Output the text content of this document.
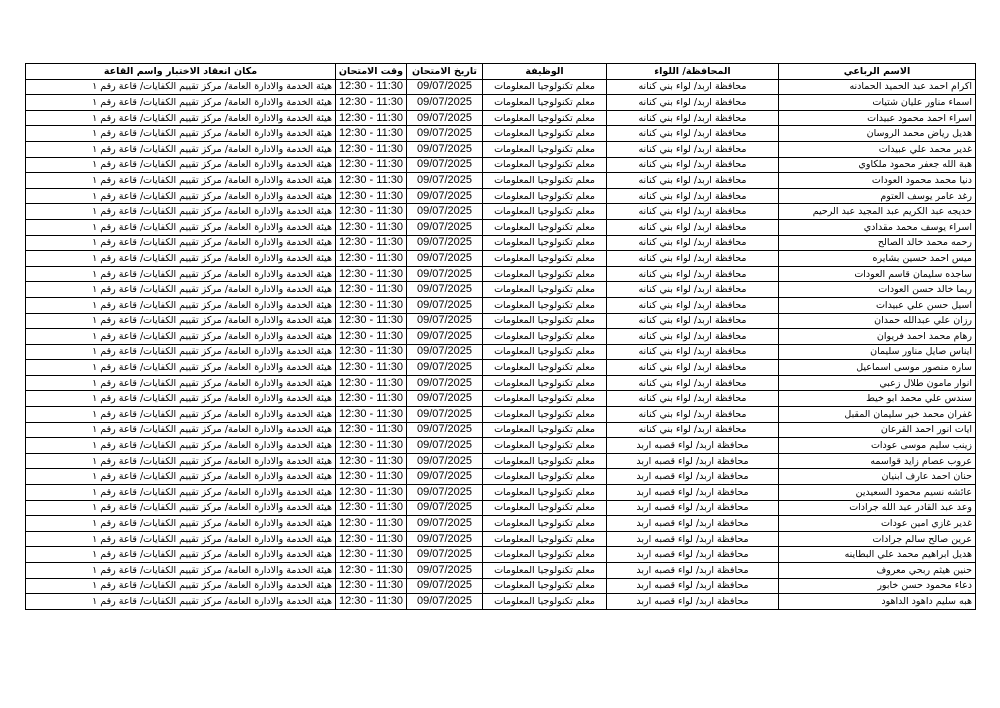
الاسم الرباعي	المحافظة/ اللواء	الوظيفة	تاريخ الامتحان	وقت الامتحان	مكان انعقاد الاختبار واسم القاعة
اكرام احمد عبد الحميد الحمادنه	محافظة اربد/ لواء بني كنانه	معلم تكنولوجيا المعلومات	09/07/2025	11:30 - 12:30	هيئة الخدمة والادارة العامة/ مركز تقييم الكفايات/ قاعة رقم ١
اسماء مناور عليان شتيات	محافظة اربد/ لواء بني كنانه	معلم تكنولوجيا المعلومات	09/07/2025	11:30 - 12:30	هيئة الخدمة والادارة العامة/ مركز تقييم الكفايات/ قاعة رقم ١
اسراء احمد محمود عبيدات	محافظة اربد/ لواء بني كنانه	معلم تكنولوجيا المعلومات	09/07/2025	11:30 - 12:30	هيئة الخدمة والادارة العامة/ مركز تقييم الكفايات/ قاعة رقم ١
هديل رياض محمد الروسان	محافظة اربد/ لواء بني كنانه	معلم تكنولوجيا المعلومات	09/07/2025	11:30 - 12:30	هيئة الخدمة والادارة العامة/ مركز تقييم الكفايات/ قاعة رقم ١
غدير محمد علي عبيدات	محافظة اربد/ لواء بني كنانه	معلم تكنولوجيا المعلومات	09/07/2025	11:30 - 12:30	هيئة الخدمة والادارة العامة/ مركز تقييم الكفايات/ قاعة رقم ١
هبة الله جعفر محمود ملكاوي	محافظة اربد/ لواء بني كنانه	معلم تكنولوجيا المعلومات	09/07/2025	11:30 - 12:30	هيئة الخدمة والادارة العامة/ مركز تقييم الكفايات/ قاعة رقم ١
دنيا محمد محمود العودات	محافظة اربد/ لواء بني كنانه	معلم تكنولوجيا المعلومات	09/07/2025	11:30 - 12:30	هيئة الخدمة والادارة العامة/ مركز تقييم الكفايات/ قاعة رقم ١
رغد عامر يوسف العتوم	محافظة اربد/ لواء بني كنانه	معلم تكنولوجيا المعلومات	09/07/2025	11:30 - 12:30	هيئة الخدمة والادارة العامة/ مركز تقييم الكفايات/ قاعة رقم ١
خديجه عبد الكريم عبد المجيد عبد الرحيم	محافظة اربد/ لواء بني كنانه	معلم تكنولوجيا المعلومات	09/07/2025	11:30 - 12:30	هيئة الخدمة والادارة العامة/ مركز تقييم الكفايات/ قاعة رقم ١
اسراء يوسف محمد مقدادي	محافظة اربد/ لواء بني كنانه	معلم تكنولوجيا المعلومات	09/07/2025	11:30 - 12:30	هيئة الخدمة والادارة العامة/ مركز تقييم الكفايات/ قاعة رقم ١
رحمه محمد خالد الصالح	محافظة اربد/ لواء بني كنانه	معلم تكنولوجيا المعلومات	09/07/2025	11:30 - 12:30	هيئة الخدمة والادارة العامة/ مركز تقييم الكفايات/ قاعة رقم ١
ميس احمد حسين بشايره	محافظة اربد/ لواء بني كنانه	معلم تكنولوجيا المعلومات	09/07/2025	11:30 - 12:30	هيئة الخدمة والادارة العامة/ مركز تقييم الكفايات/ قاعة رقم ١
ساجده سليمان قاسم العودات	محافظة اربد/ لواء بني كنانه	معلم تكنولوجيا المعلومات	09/07/2025	11:30 - 12:30	هيئة الخدمة والادارة العامة/ مركز تقييم الكفايات/ قاعة رقم ١
ريما خالد حسن العودات	محافظة اربد/ لواء بني كنانه	معلم تكنولوجيا المعلومات	09/07/2025	11:30 - 12:30	هيئة الخدمة والادارة العامة/ مركز تقييم الكفايات/ قاعة رقم ١
اسيل حسن علي عبيدات	محافظة اربد/ لواء بني كنانه	معلم تكنولوجيا المعلومات	09/07/2025	11:30 - 12:30	هيئة الخدمة والادارة العامة/ مركز تقييم الكفايات/ قاعة رقم ١
رزان علي عبدالله حمدان	محافظة اربد/ لواء بني كنانه	معلم تكنولوجيا المعلومات	09/07/2025	11:30 - 12:30	هيئة الخدمة والادارة العامة/ مركز تقييم الكفايات/ قاعة رقم ١
رهام محمد احمد فريوان	محافظة اربد/ لواء بني كنانه	معلم تكنولوجيا المعلومات	09/07/2025	11:30 - 12:30	هيئة الخدمة والادارة العامة/ مركز تقييم الكفايات/ قاعة رقم ١
ايناس صايل مناور سليمان	محافظة اربد/ لواء بني كنانه	معلم تكنولوجيا المعلومات	09/07/2025	11:30 - 12:30	هيئة الخدمة والادارة العامة/ مركز تقييم الكفايات/ قاعة رقم ١
ساره منصور موسى اسماعيل	محافظة اربد/ لواء بني كنانه	معلم تكنولوجيا المعلومات	09/07/2025	11:30 - 12:30	هيئة الخدمة والادارة العامة/ مركز تقييم الكفايات/ قاعة رقم ١
انوار مامون طلال زعبي	محافظة اربد/ لواء بني كنانه	معلم تكنولوجيا المعلومات	09/07/2025	11:30 - 12:30	هيئة الخدمة والادارة العامة/ مركز تقييم الكفايات/ قاعة رقم ١
سندس علي محمد ابو خيط	محافظة اربد/ لواء بني كنانه	معلم تكنولوجيا المعلومات	09/07/2025	11:30 - 12:30	هيئة الخدمة والادارة العامة/ مركز تقييم الكفايات/ قاعة رقم ١
غفران محمد خير سليمان المقبل	محافظة اربد/ لواء بني كنانه	معلم تكنولوجيا المعلومات	09/07/2025	11:30 - 12:30	هيئة الخدمة والادارة العامة/ مركز تقييم الكفايات/ قاعة رقم ١
ايات انور احمد القرعان	محافظة اربد/ لواء بني كنانه	معلم تكنولوجيا المعلومات	09/07/2025	11:30 - 12:30	هيئة الخدمة والادارة العامة/ مركز تقييم الكفايات/ قاعة رقم ١
زينب سليم موسى عودات	محافظة اربد/ لواء قصبه اربد	معلم تكنولوجيا المعلومات	09/07/2025	11:30 - 12:30	هيئة الخدمة والادارة العامة/ مركز تقييم الكفايات/ قاعة رقم ١
عروب عصام زايد قواسمه	محافظة اربد/ لواء قصبه اربد	معلم تكنولوجيا المعلومات	09/07/2025	11:30 - 12:30	هيئة الخدمة والادارة العامة/ مركز تقييم الكفايات/ قاعة رقم ١
حنان احمد عارف ابنيان	محافظة اربد/ لواء قصبه اربد	معلم تكنولوجيا المعلومات	09/07/2025	11:30 - 12:30	هيئة الخدمة والادارة العامة/ مركز تقييم الكفايات/ قاعة رقم ١
عائشه نسيم محمود السعيدين	محافظة اربد/ لواء قصبه اربد	معلم تكنولوجيا المعلومات	09/07/2025	11:30 - 12:30	هيئة الخدمة والادارة العامة/ مركز تقييم الكفايات/ قاعة رقم ١
وعد عبد القادر عبد الله جرادات	محافظة اربد/ لواء قصبه اربد	معلم تكنولوجيا المعلومات	09/07/2025	11:30 - 12:30	هيئة الخدمة والادارة العامة/ مركز تقييم الكفايات/ قاعة رقم ١
غدير غازي امين عودات	محافظة اربد/ لواء قصبه اربد	معلم تكنولوجيا المعلومات	09/07/2025	11:30 - 12:30	هيئة الخدمة والادارة العامة/ مركز تقييم الكفايات/ قاعة رقم ١
عرين صالح سالم جرادات	محافظة اربد/ لواء قصبه اربد	معلم تكنولوجيا المعلومات	09/07/2025	11:30 - 12:30	هيئة الخدمة والادارة العامة/ مركز تقييم الكفايات/ قاعة رقم ١
هديل ابراهيم محمد علي البطاينه	محافظة اربد/ لواء قصبه اربد	معلم تكنولوجيا المعلومات	09/07/2025	11:30 - 12:30	هيئة الخدمة والادارة العامة/ مركز تقييم الكفايات/ قاعة رقم ١
حنين هيثم ربحي معروف	محافظة اربد/ لواء قصبه اربد	معلم تكنولوجيا المعلومات	09/07/2025	11:30 - 12:30	هيئة الخدمة والادارة العامة/ مركز تقييم الكفايات/ قاعة رقم ١
دعاء محمود حسن خابور	محافظة اربد/ لواء قصبه اربد	معلم تكنولوجيا المعلومات	09/07/2025	11:30 - 12:30	هيئة الخدمة والادارة العامة/ مركز تقييم الكفايات/ قاعة رقم ١
هبه سليم داهود الداهود	محافظة اربد/ لواء قصبه اربد	معلم تكنولوجيا المعلومات	09/07/2025	11:30 - 12:30	هيئة الخدمة والادارة العامة/ مركز تقييم الكفايات/ قاعة رقم ١
